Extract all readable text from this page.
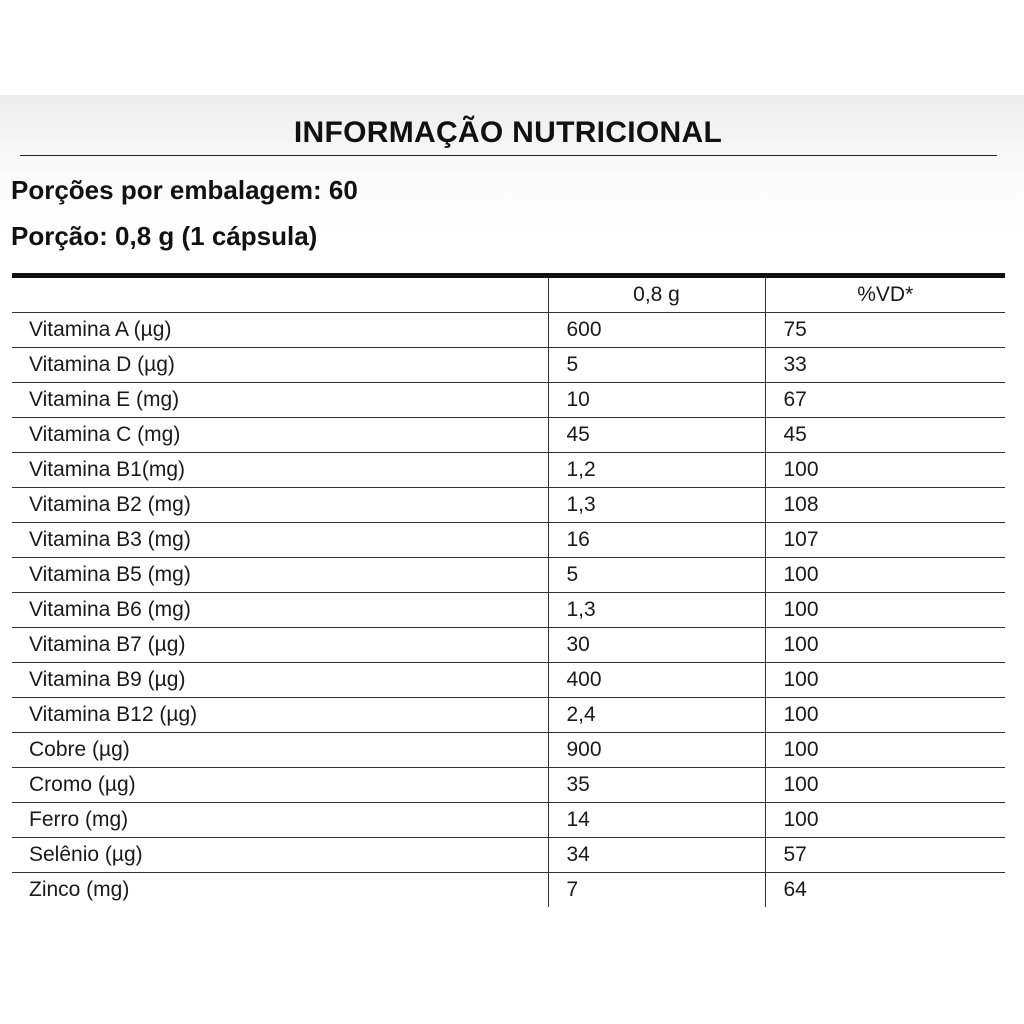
INFORMAÇÃO NUTRICIONAL
Porções por embalagem: 60
Porção: 0,8 g (1 cápsula)
	0,8 g	%VD*
Vitamina A (µg)	600	75
Vitamina D (µg)	5	33
Vitamina E (mg)	10	67
Vitamina C (mg)	45	45
Vitamina B1(mg)	1,2	100
Vitamina B2 (mg)	1,3	108
Vitamina B3 (mg)	16	107
Vitamina B5 (mg)	5	100
Vitamina B6 (mg)	1,3	100
Vitamina B7 (µg)	30	100
Vitamina B9 (µg)	400	100
Vitamina B12 (µg)	2,4	100
Cobre (µg)	900	100
Cromo (µg)	35	100
Ferro (mg)	14	100
Selênio (µg)	34	57
Zinco (mg)	7	64
